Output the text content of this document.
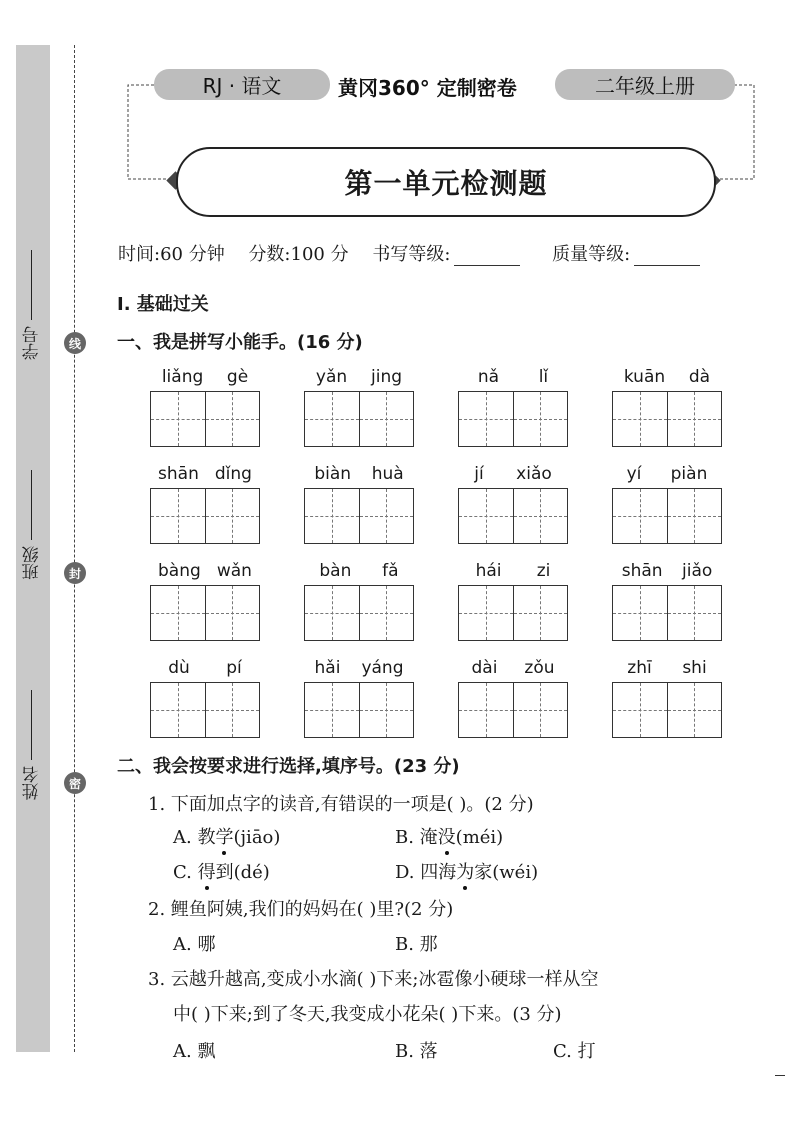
学号
班级
姓名
线
封
密
RJ · 语文	黄冈360° 定制密卷	二年级上册
第一单元检测题
时间:60 分钟 分数:100 分 书写等级:	质量等级:
Ⅰ. 基础过关
一、我是拼写小能手。(16 分)
liǎng gè	yǎn jing	nǎ lǐ	kuān dà
shān dǐng	biàn huà	jí xiǎo	yí piàn
bàng wǎn	bàn fǎ	hái zi	shān jiǎo
dù pí	hǎi yáng	dài zǒu	zhī shi
二、我会按要求进行选择,填序号。(23 分)
1. 下面加点字的读音,有错误的一项是( )。(2 分)
A. 教学(jiāo)	B. 淹没(méi)
C. 得到(dé)	D. 四海为家(wéi)
2. 鲤鱼阿姨,我们的妈妈在( )里?(2 分)
A. 哪	B. 那
3. 云越升越高,变成小水滴( )下来;冰雹像小硬球一样从空
中( )下来;到了冬天,我变成小花朵( )下来。(3 分)
A. 飘	B. 落	C. 打
